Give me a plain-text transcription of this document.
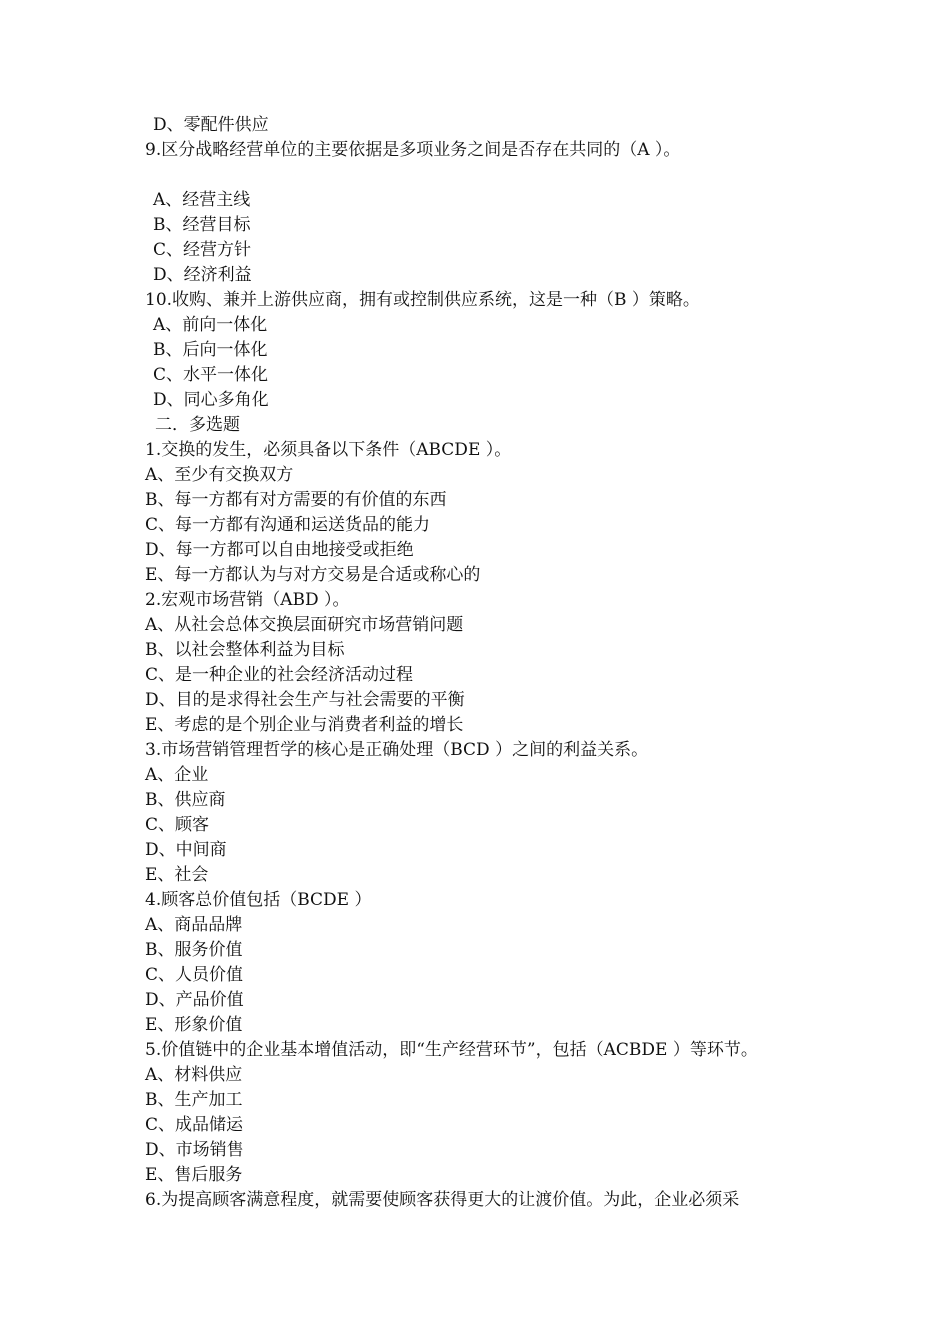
D、零配件供应
9.区分战略经营单位的主要依据是多项业务之间是否存在共同的（A ）。
A、经营主线
B、经营目标
C、经营方针
D、经济利益
10.收购、兼并上游供应商，拥有或控制供应系统，这是一种（B ）策略。
A、前向一体化
B、后向一体化
C、水平一体化
D、同心多角化
二．多选题
1.交换的发生，必须具备以下条件（ABCDE ）。
A、至少有交换双方
B、每一方都有对方需要的有价值的东西
C、每一方都有沟通和运送货品的能力
D、每一方都可以自由地接受或拒绝
E、每一方都认为与对方交易是合适或称心的
2.宏观市场营销（ABD ）。
A、从社会总体交换层面研究市场营销问题
B、以社会整体利益为目标
C、是一种企业的社会经济活动过程
D、目的是求得社会生产与社会需要的平衡
E、考虑的是个别企业与消费者利益的增长
3.市场营销管理哲学的核心是正确处理（BCD ）之间的利益关系。
A、企业
B、供应商
C、顾客
D、中间商
E、社会
4.顾客总价值包括（BCDE ）
A、商品品牌
B、服务价值
C、人员价值
D、产品价值
E、形象价值
5.价值链中的企业基本增值活动，即“生产经营环节”，包括（ACBDE ）等环节。
A、材料供应
B、生产加工
C、成品储运
D、市场销售
E、售后服务
6.为提高顾客满意程度，就需要使顾客获得更大的让渡价值。为此，企业必须采
